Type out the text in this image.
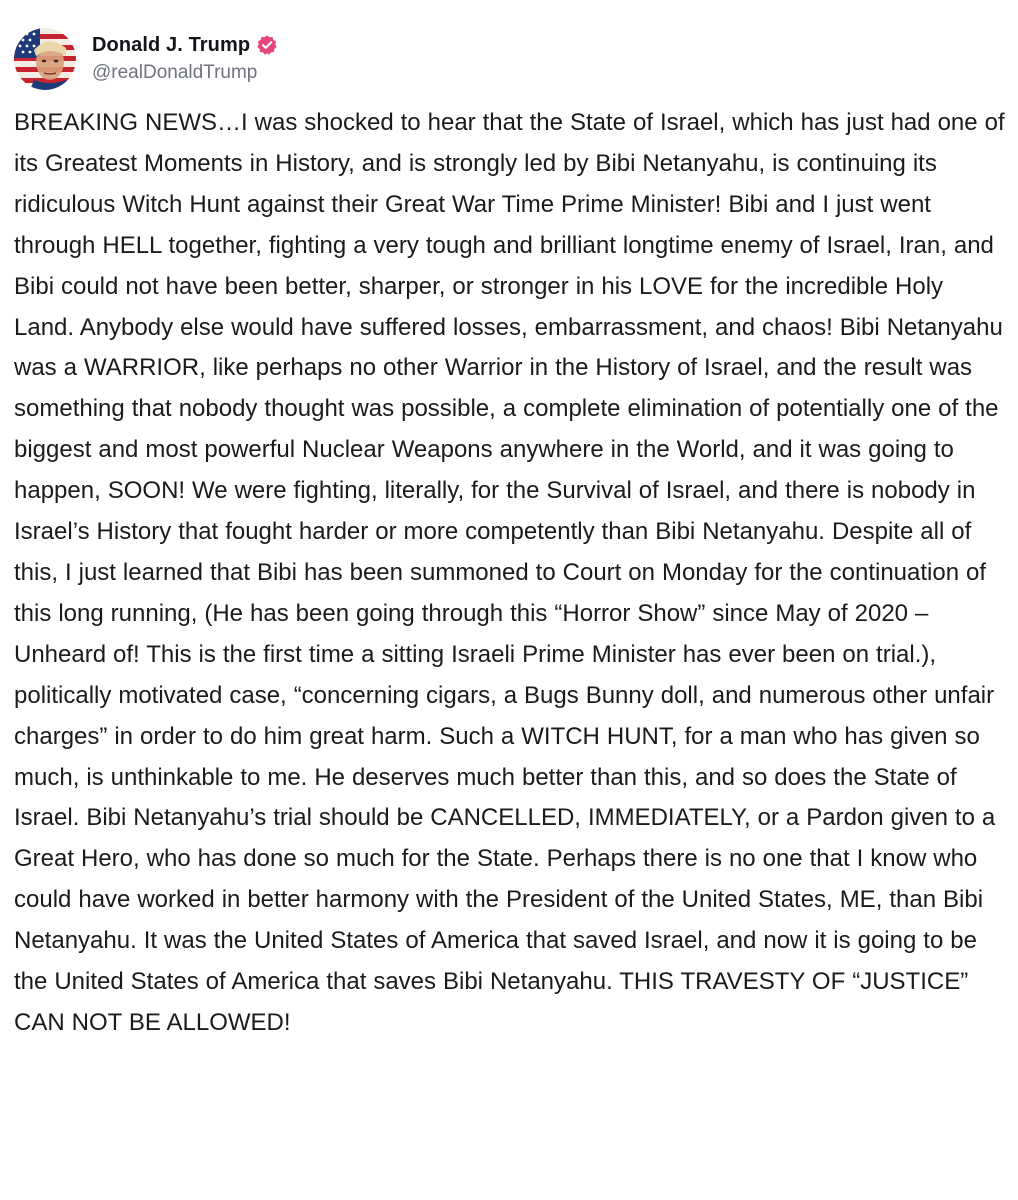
Donald J. Trump
@realDonaldTrump

BREAKING NEWS…I was shocked to hear that the State of Israel, which has just had one of its Greatest Moments in History, and is strongly led by Bibi Netanyahu, is continuing its ridiculous Witch Hunt against their Great War Time Prime Minister! Bibi and I just went through HELL together, fighting a very tough and brilliant longtime enemy of Israel, Iran, and Bibi could not have been better, sharper, or stronger in his LOVE for the incredible Holy Land. Anybody else would have suffered losses, embarrassment, and chaos! Bibi Netanyahu was a WARRIOR, like perhaps no other Warrior in the History of Israel, and the result was something that nobody thought was possible, a complete elimination of potentially one of the biggest and most powerful Nuclear Weapons anywhere in the World, and it was going to happen, SOON! We were fighting, literally, for the Survival of Israel, and there is nobody in Israel’s History that fought harder or more competently than Bibi Netanyahu. Despite all of this, I just learned that Bibi has been summoned to Court on Monday for the continuation of this long running, (He has been going through this “Horror Show” since May of 2020 – Unheard of! This is the first time a sitting Israeli Prime Minister has ever been on trial.), politically motivated case, “concerning cigars, a Bugs Bunny doll, and numerous other unfair charges” in order to do him great harm. Such a WITCH HUNT, for a man who has given so much, is unthinkable to me. He deserves much better than this, and so does the State of Israel. Bibi Netanyahu’s trial should be CANCELLED, IMMEDIATELY, or a Pardon given to a Great Hero, who has done so much for the State. Perhaps there is no one that I know who could have worked in better harmony with the President of the United States, ME, than Bibi Netanyahu. It was the United States of America that saved Israel, and now it is going to be the United States of America that saves Bibi Netanyahu. THIS TRAVESTY OF “JUSTICE” CAN NOT BE ALLOWED!
